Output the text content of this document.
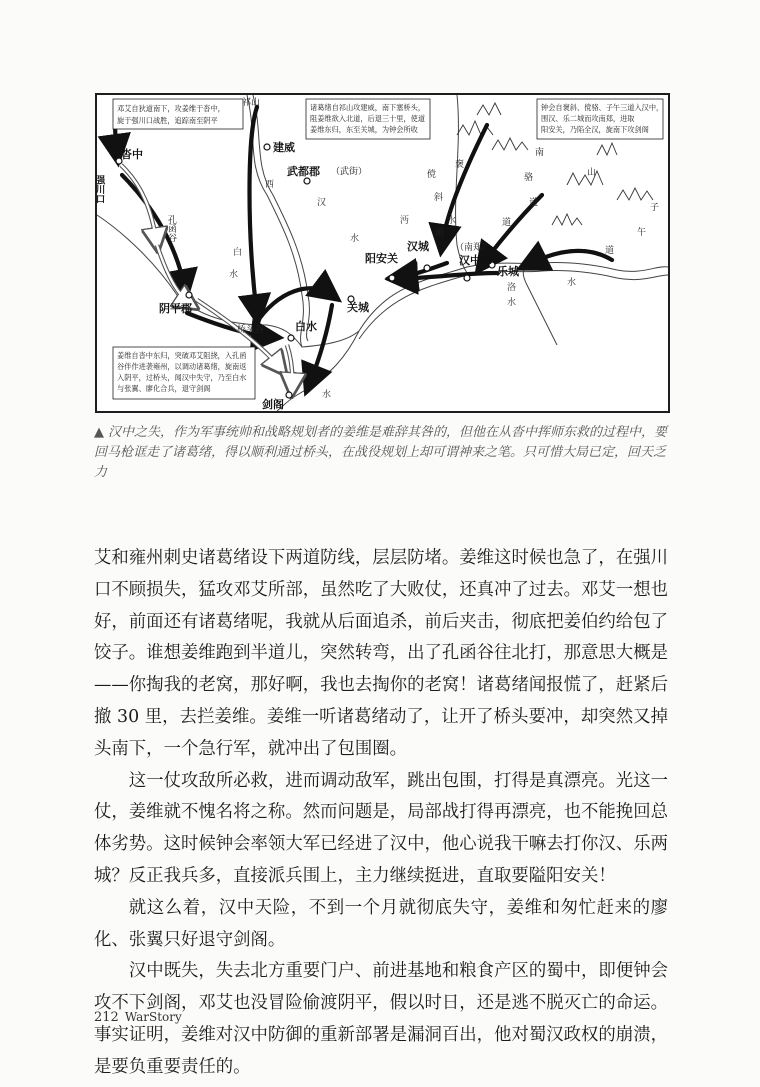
邓艾自狄道南下，攻姜维于沓中，
旋于强川口战胜，追踪南至阴平
诸葛绪自祁山攻建威，南下塞桥头，
阻姜维欲入北道，后退三十里，使道
姜维东归，东至关城，为钟会所收
钟会自褒斜、傥骆、子午三道入汉中，
围汉、乐二城而攻南郑，进取
阳安关，乃陷全汉，旋南下攻剑阁
姜维自沓中东归，突破邓艾阻挠，入孔函
谷伴作进袭雍州，以调动诸葛绪，旋南返
入阴平，过桥头，闻汉中失守，乃至白水
与张翼、廖化合兵，退守剑阁
沓中
强川口
建威
武都郡 （武街）
阴平郡
白水
剑阁
关城
阳安关
汉城	（南郑）
汉中郡
乐城
桥头谷
祁山
孔函谷
白
水
西
汉
水
沔	水
水
水
洛
水
褒
傥
斜
道
骆
道
道
南
山
子
午
道
▲ 汉中之失，作为军事统帅和战略规划者的姜维是难辞其咎的，但他在从沓中挥师东救的过程中，要回马枪诓走了诸葛绪，得以顺利通过桥头，在战役规划上却可谓神来之笔。只可惜大局已定，回天乏力

艾和雍州刺史诸葛绪设下两道防线，层层防堵。姜维这时候也急了，在强川口不顾损失，猛攻邓艾所部，虽然吃了大败仗，还真冲了过去。邓艾一想也好，前面还有诸葛绪呢，我就从后面追杀，前后夹击，彻底把姜伯约给包了饺子。谁想姜维跑到半道儿，突然转弯，出了孔函谷往北打，那意思大概是——你掏我的老窝，那好啊，我也去掏你的老窝！诸葛绪闻报慌了，赶紧后撤 30 里，去拦姜维。姜维一听诸葛绪动了，让开了桥头要冲，却突然又掉头南下，一个急行军，就冲出了包围圈。

这一仗攻敌所必救，进而调动敌军，跳出包围，打得是真漂亮。光这一仗，姜维就不愧名将之称。然而问题是，局部战打得再漂亮，也不能挽回总体劣势。这时候钟会率领大军已经进了汉中，他心说我干嘛去打你汉、乐两城？反正我兵多，直接派兵围上，主力继续挺进，直取要隘阳安关！

就这么着，汉中天险，不到一个月就彻底失守，姜维和匆忙赶来的廖化、张翼只好退守剑阁。

汉中既失，失去北方重要门户、前进基地和粮食产区的蜀中，即便钟会攻不下剑阁，邓艾也没冒险偷渡阴平，假以时日，还是逃不脱灭亡的命运。事实证明，姜维对汉中防御的重新部署是漏洞百出，他对蜀汉政权的崩溃，是要负重要责任的。

212 WarStory
